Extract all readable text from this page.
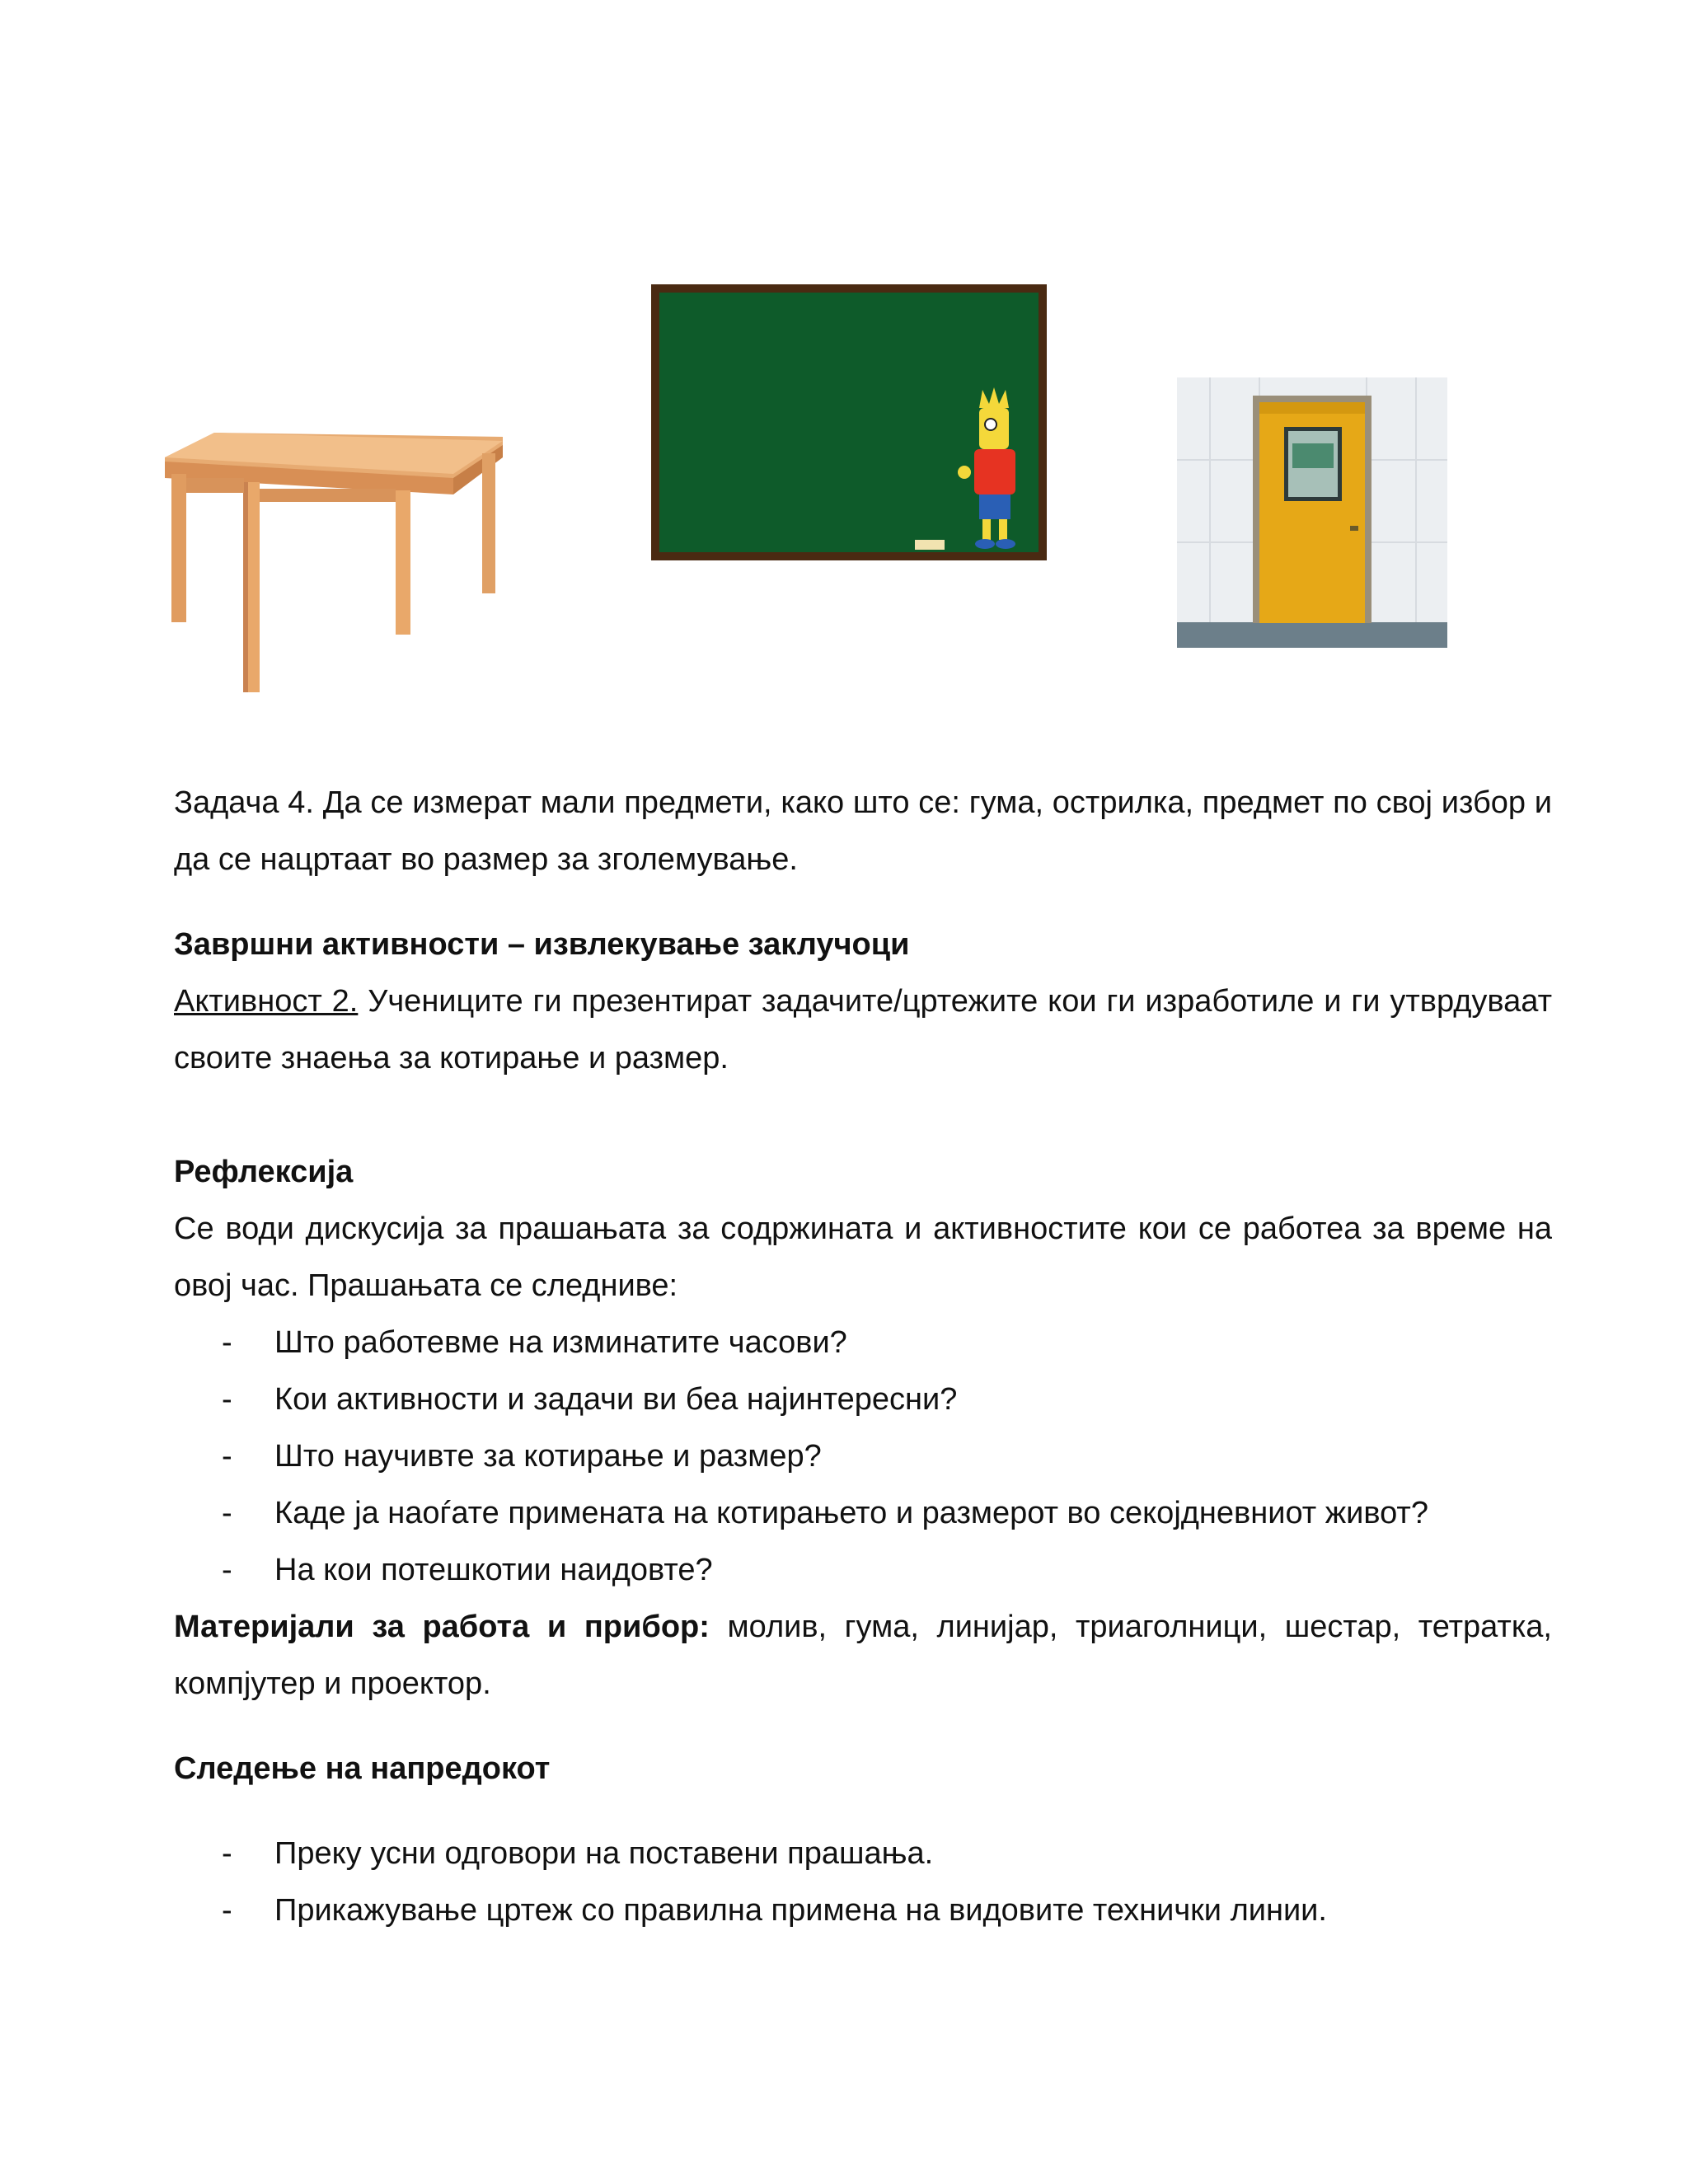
Задача 4. Да се измерат мали предмети, како што се: гума, острилка, предмет по свој избор и да се нацртаат во размер за зголемување.

Завршни активности – извлекување заклучоци

Активност 2. Учениците ги презентират задачите/цртежите кои ги изработиле и ги утврдуваат своите знаења за котирање и размер.

Рефлексија

Се води дискусија за прашањата за содржината и активностите кои се работеа за време на овој час. Прашањата се следниве:

- Што работевме на изминатите часови?
- Кои активности и задачи ви беа најинтересни?
- Што научивте за котирање и размер?
- Каде ја наоѓате примената на котирањето и размерот во секојдневниот живот?
- На кои потешкотии наидовте?

Материјали за работа и прибор: молив, гума, линијар, триаголници, шестар, тетратка, компјутер и проектор.

Следење на напредокот

- Преку усни одговори на поставени прашања.
- Прикажување цртеж со правилна примена на видовите технички линии.
